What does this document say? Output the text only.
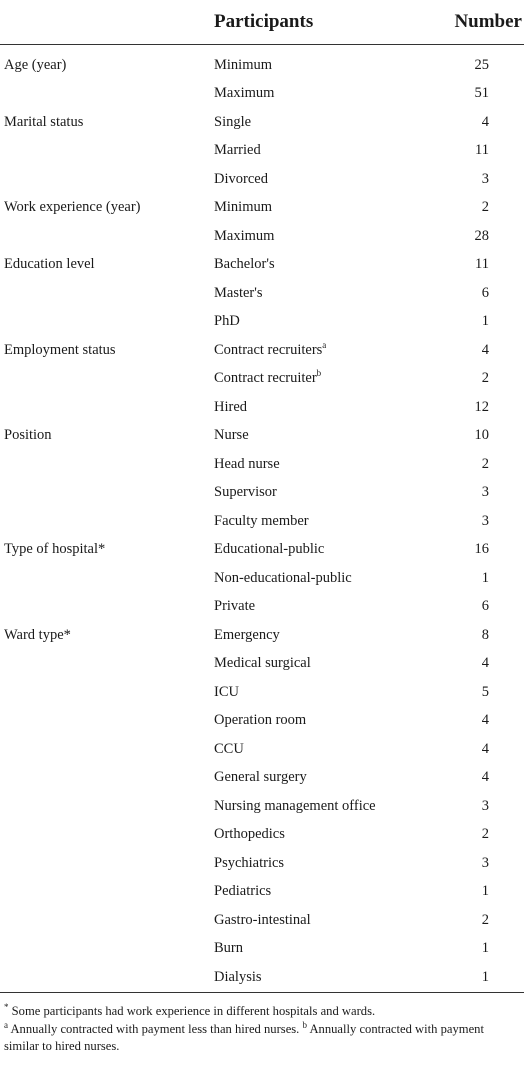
	Participants	Number
Age (year)	Minimum	25
	Maximum	51
Marital status	Single	4
	Married	11
	Divorced	3
Work experience (year)	Minimum	2
	Maximum	28
Education level	Bachelor's	11
	Master's	6
	PhD	1
Employment status	Contract recruiters$^a$	4
	Contract recruiter$^b$	2
	Hired	12
Position	Nurse	10
	Head nurse	2
	Supervisor	3
	Faculty member	3
Type of hospital*	Educational-public	16
	Non-educational-public	1
	Private	6
Ward type*	Emergency	8
	Medical surgical	4
	ICU	5
	Operation room	4
	CCU	4
	General surgery	4
	Nursing management office	3
	Orthopedics	2
	Psychiatrics	3
	Pediatrics	1
	Gastro-intestinal	2
	Burn	1
	Dialysis	1
* Some participants had work experience in different hospitals and wards.
$^a$ Annually contracted with payment less than hired nurses. $^b$ Annually contracted with payment similar to hired nurses.
